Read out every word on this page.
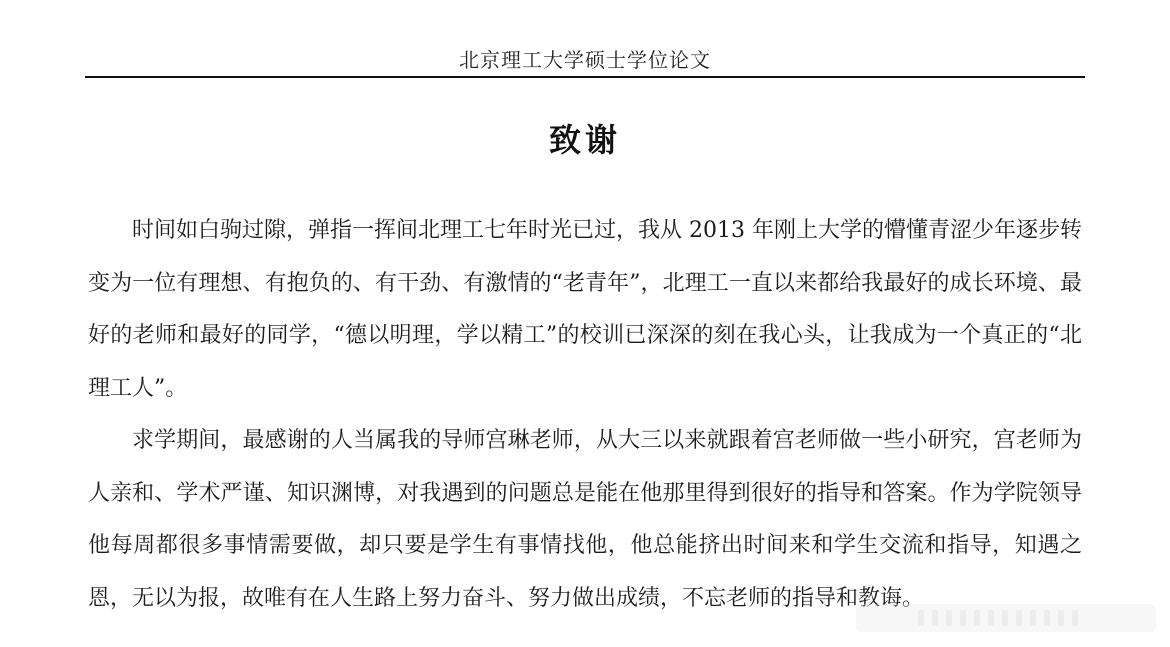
北京理工大学硕士学位论文
致谢

时间如白驹过隙，弹指一挥间北理工七年时光已过，我从 2013 年刚上大学的懵懂青涩少年逐步转变为一位有理想、有抱负的、有干劲、有激情的“老青年”，北理工一直以来都给我最好的成长环境、最好的老师和最好的同学，“德以明理，学以精工”的校训已深深的刻在我心头，让我成为一个真正的“北理工人”。

求学期间，最感谢的人当属我的导师宫琳老师，从大三以来就跟着宫老师做一些小研究，宫老师为人亲和、学术严谨、知识渊博，对我遇到的问题总是能在他那里得到很好的指导和答案。作为学院领导他每周都很多事情需要做，却只要是学生有事情找他，他总能挤出时间来和学生交流和指导，知遇之恩，无以为报，故唯有在人生路上努力奋斗、努力做出成绩，不忘老师的指导和教诲。
